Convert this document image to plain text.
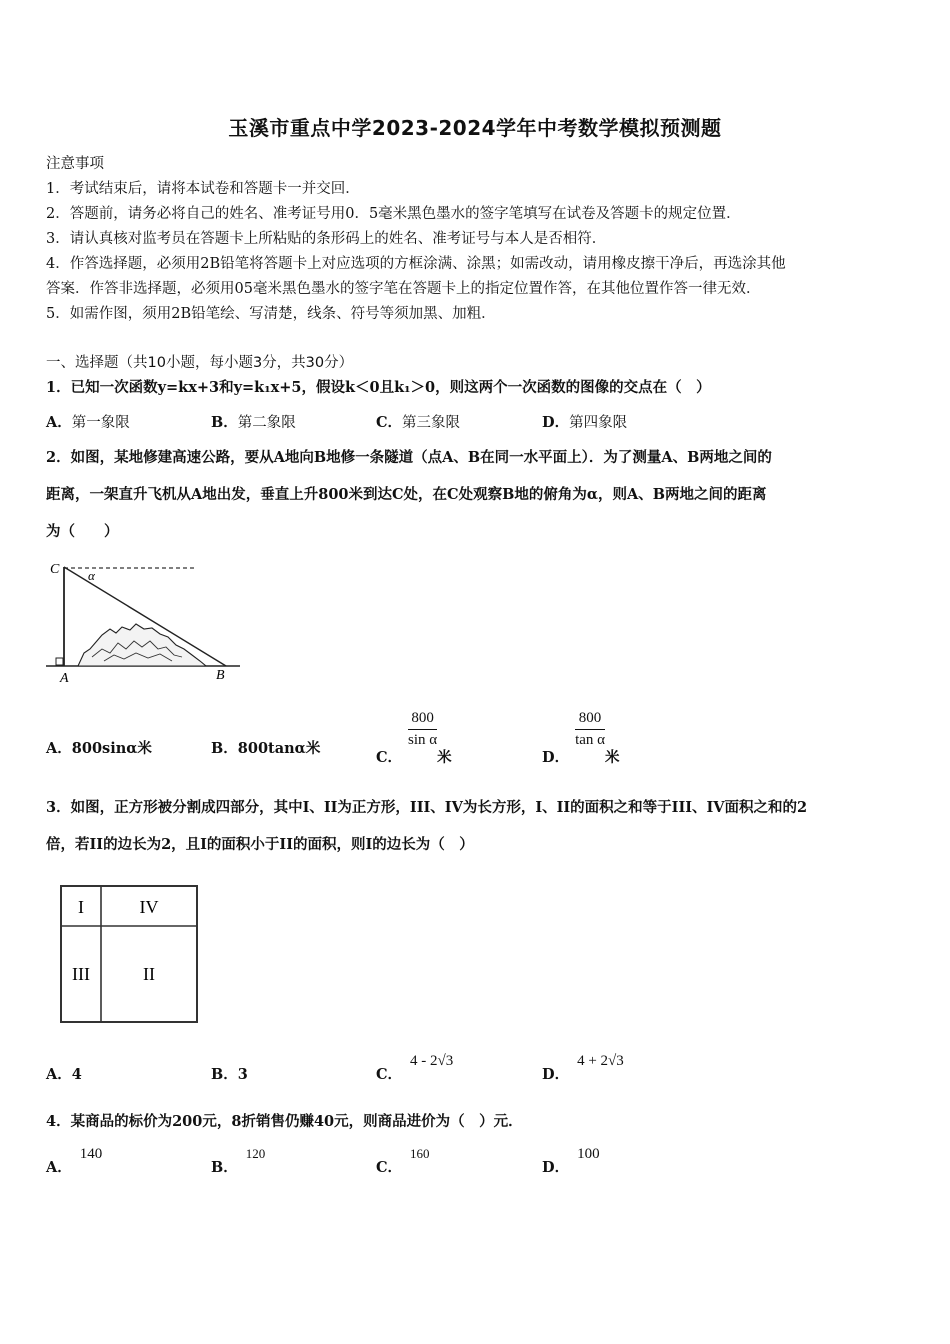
玉溪市重点中学2023-2024学年中考数学模拟预测题
注意事项
1．考试结束后，请将本试卷和答题卡一并交回．
2．答题前，请务必将自己的姓名、准考证号用0．5毫米黑色墨水的签字笔填写在试卷及答题卡的规定位置．
3．请认真核对监考员在答题卡上所粘贴的条形码上的姓名、准考证号与本人是否相符．
4．作答选择题，必须用2B铅笔将答题卡上对应选项的方框涂满、涂黑；如需改动，请用橡皮擦干净后，再选涂其他
答案．作答非选择题，必须用05毫米黑色墨水的签字笔在答题卡上的指定位置作答，在其他位置作答一律无效．
5．如需作图，须用2B铅笔绘、写清楚，线条、符号等须加黑、加粗．
一、选择题（共10小题，每小题3分，共30分）
1．已知一次函数y=kx+3和y=k₁x+5，假设k＜0且k₁＞0，则这两个一次函数的图像的交点在（　）
A．第一象限	B．第二象限	C．第三象限	D．第四象限
2．如图，某地修建高速公路，要从A地向B地修一条隧道（点A、B在同一水平面上）．为了测量A、B两地之间的
距离，一架直升飞机从A地出发，垂直上升800米到达C处，在C处观察B地的俯角为α，则A、B两地之间的距离
为（　　）
C α
A	B
A．800sinα米	B．800tanα米	C．
$\frac{800}{\text{sin α}}$
米	D．
$\frac{800}{\text{tan α}}$
米
3．如图，正方形被分割成四部分，其中I、II为正方形，III、IV为长方形，I、II的面积之和等于III、IV面积之和的2
倍，若II的边长为2，且I的面积小于II的面积，则I的边长为（　）
I	IV
III	II
A．4	B．3	C．4 - 2√3
D．4 + 2√3
4．某商品的标价为200元，8折销售仍赚40元，则商品进价为（　）元．
A．140
B．120
C．160
D．100
